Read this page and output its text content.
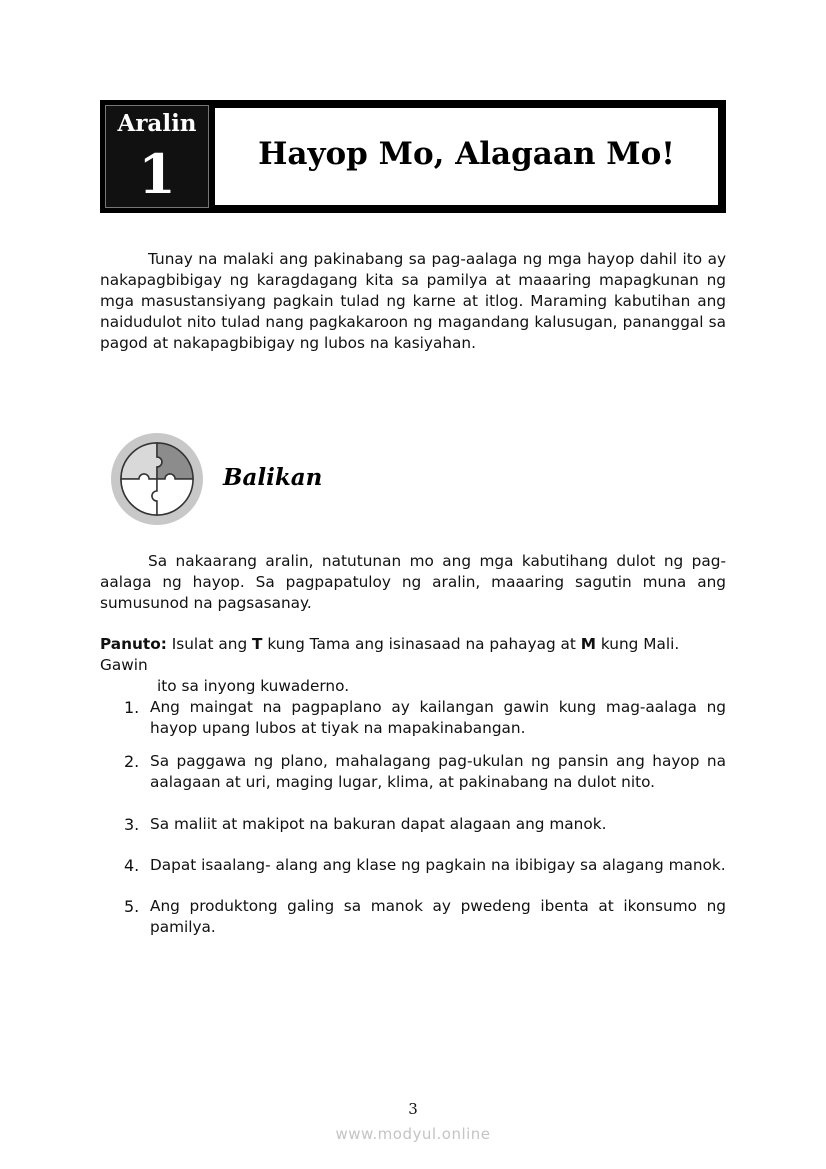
Aralin
1	Hayop Mo, Alagaan Mo!

Tunay na malaki ang pakinabang sa pag-aalaga ng mga hayop dahil ito ay nakapagbibigay ng karagdagang kita sa pamilya at maaaring mapagkunan ng mga masustansiyang pagkain tulad ng karne at itlog. Maraming kabutihan ang naidudulot nito tulad nang pagkakaroon ng magandang kalusugan, pananggal sa pagod at nakapagbibigay ng lubos na kasiyahan.

Balikan

Sa nakaarang aralin, natutunan mo ang mga kabutihang dulot ng pag-aalaga ng hayop. Sa pagpapatuloy ng aralin, maaaring sagutin muna ang sumusunod na pagsasanay.

Panuto: Isulat ang T kung Tama ang isinasaad na pahayag at M kung Mali. Gawin
ito sa inyong kuwaderno.
1. Ang maingat na pagpaplano ay kailangan gawin kung mag-aalaga ng hayop upang lubos at tiyak na mapakinabangan.
2. Sa paggawa ng plano, mahalagang pag-ukulan ng pansin ang hayop na aalagaan at uri, maging lugar, klima, at pakinabang na dulot nito.
3. Sa maliit at makipot na bakuran dapat alagaan ang manok.
4. Dapat isaalang- alang ang klase ng pagkain na ibibigay sa alagang manok.
5. Ang produktong galing sa manok ay pwedeng ibenta at ikonsumo ng pamilya.
3
www.modyul.online
